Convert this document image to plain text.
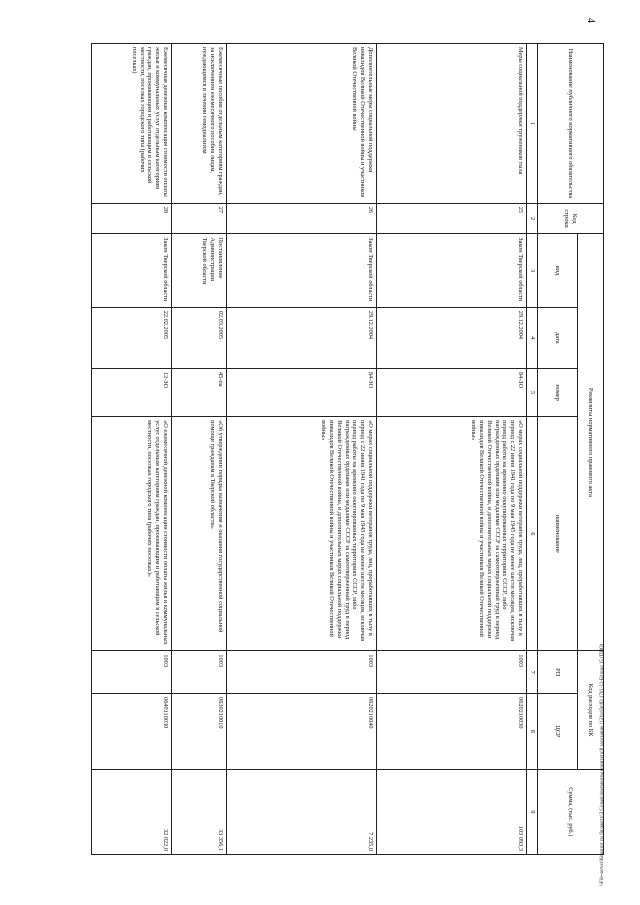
4
Наименование публичного нормативного обязательства	Код строки	Реквизиты нормативного правового акта				Код расходов по БК		Сумма, (тыс. руб.)
		вид	дата	номер	наименование	РП	ЦСР	
1	2	3	4	5	6	7	8	9
Меры социальной поддержки тружеников тыла	25	Закон Тверской области	29.12.2004	84-ЗО	«О мерах социальной поддержки ветеранов труда, лиц, проработавших в тылу в период с 22 июня 1941 года по 9 мая 1945 года не менее шести месяцев, исключая период работы на временно оккупированных территориях СССР, либо награжденных орденами или медалями СССР за самоотверженный труд в период Великой Отечественной войны, и дополнительных мерах социальной поддержки инвалидов Великой Отечественной войны и участников Великой Отечественной войны»	1003	0620210030	103 093,3
Дополнительные меры социальной поддержки инвалидов Великой Отечественной войны и участников Великой Отечественной войны	26	Закон Тверской области	29.12.2004	84-ЗО	«О мерах социальной поддержки ветеранов труда, лиц, проработавших в тылу в период с 22 июня 1941 года по 9 мая 1945 года не менее шести месяцев, исключая период работы на временно оккупированных территориях СССР, либо награжденных орденами или медалями СССР за самоотверженный труд в период Великой Отечественной войны, и дополнительных мерах социальной поддержки инвалидов Великой Отечественной войны и участников Великой Отечественной войны»	1003	0620210040	7 235,0
Ежемесячные пособия отдельным категориям граждан, за исключением ежемесячного пособия лицам, нуждающимся в лечении гемодиализом	27	Постановление Администрации Тверской области	02.03.2005	45-па	«Об утверждении порядка назначения и оказания государственной социальной помощи гражданам в Тверской области»	1003	0630210010	33 356,1
Ежемесячная денежная компенсация стоимости оплаты жилья и коммунальных услуг отдельным категориям граждан, проживающим и работающим в сельской местности, поселках городского типа (рабочих поселках)	28	Закон Тверской области	22.02.2005	12-ЗО	«О ежемесячной денежной компенсации стоимости оплаты жилья и коммунальных услуг отдельным категориям граждан, проживающим и работающим в сельской местности, поселках городского типа (рабочих поселках)»	1003	0640110030	32 022,0	\\File-server\Комитет по бюджету\3 Созыв\документы комитета\8 заседание (12)\р\бр\83 1701-11-Б\прил 15 (ПНО)
